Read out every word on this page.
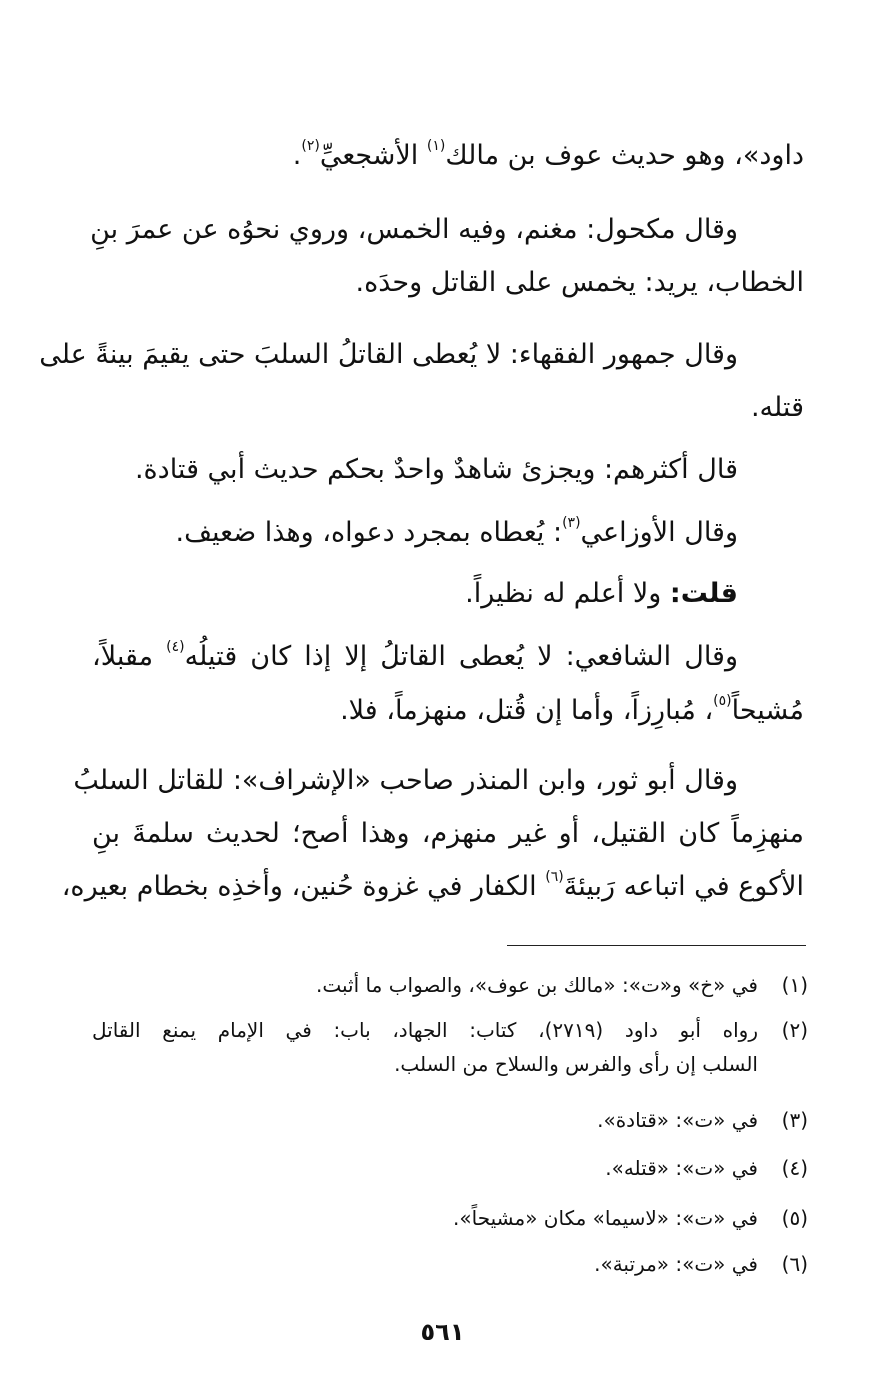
داود»، وهو حديث عوف بن مالك$^{(١)}$ الأشجعيِّ$^{(٢)}$.
وقال مكحول: مغنم، وفيه الخمس، وروي نحوُه عن عمرَ بنِ
الخطاب، يريد: يخمس على القاتل وحدَه.
وقال جمهور الفقهاء: لا يُعطى القاتلُ السلبَ حتى يقيمَ بينةً على
قتله.
قال أكثرهم: ويجزئ شاهدٌ واحدٌ بحكم حديث أبي قتادة.
وقال الأوزاعي$^{(٣)}$: يُعطاه بمجرد دعواه، وهذا ضعيف.
قلت: ولا أعلم له نظيراً.
وقال الشافعي: لا يُعطى القاتلُ إلا إذا كان قتيلُه$^{(٤)}$ مقبلاً،
مُشيحاً$^{(٥)}$، مُبارِزاً، وأما إن قُتل، منهزماً، فلا.
وقال أبو ثور، وابن المنذر صاحب «الإشراف»: للقاتل السلبُ
منهزِماً كان القتيل، أو غير منهزم، وهذا أصح؛ لحديث سلمةَ بنِ
الأكوع في اتباعه رَبيئةَ$^{(٦)}$ الكفار في غزوة حُنين، وأخذِه بخطام بعيره،
(١)
في «خ» و«ت»: «مالك بن عوف»، والصواب ما أثبت.
(٢)
رواه أبو داود (٢٧١٩)، كتاب: الجهاد، باب: في الإمام يمنع القاتل
السلب إن رأى والفرس والسلاح من السلب.
(٣)
في «ت»: «قتادة».
(٤)
في «ت»: «قتله».
(٥)
في «ت»: «لاسيما» مكان «مشيحاً».
(٦)
في «ت»: «مرتبة».
٥٦١
